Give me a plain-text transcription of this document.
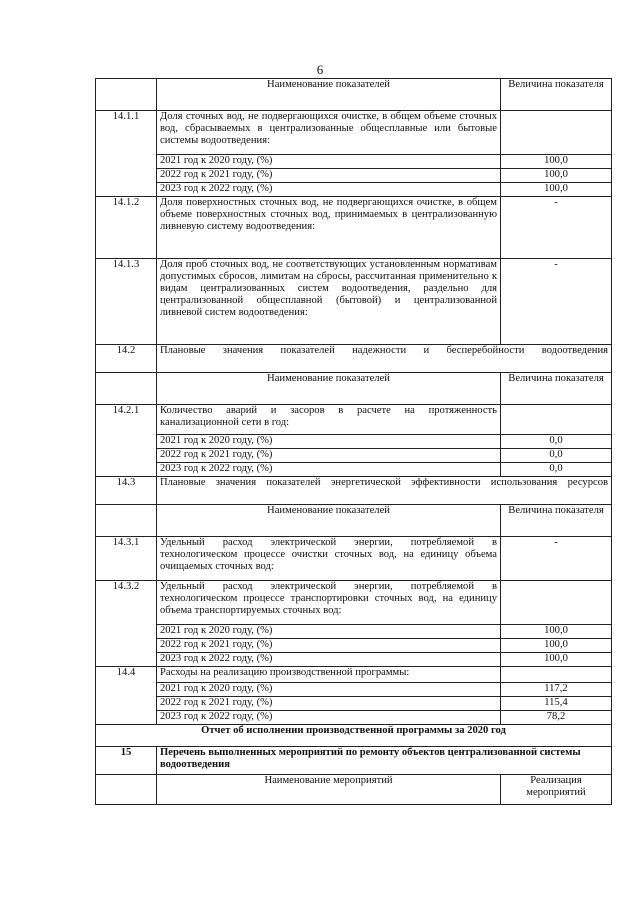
6
	Наименование показателей	Величина показателя
14.1.1	Доля сточных вод, не подвергающихся очистке, в общем объеме сточных вод, сбрасываемых в централизованные общесплавные или бытовые системы водоотведения:	
	2021 год к 2020 году, (%)	100,0
	2022 год к 2021 году, (%)	100,0
	2023 год к 2022 году, (%)	100,0
14.1.2	Доля поверхностных сточных вод, не подвергающихся очистке, в общем объеме поверхностных сточных вод, принимаемых в централизованную ливневую систему водоотведения:	-
14.1.3	Доля проб сточных вод, не соответствующих установленным нормативам допустимых сбросов, лимитам на сбросы, рассчитанная применительно к видам централизованных систем водоотведения, раздельно для централизованной общесплавной (бытовой) и централизованной ливневой систем водоотведения:	-
14.2	Плановые значения показателей надежности и бесперебойности водоотведения	
	Наименование показателей	Величина показателя
14.2.1	Количество аварий и засоров в расчете на протяженность канализационной сети в год:	
	2021 год к 2020 году, (%)	0,0
	2022 год к 2021 году, (%)	0,0
	2023 год к 2022 году, (%)	0,0
14.3	Плановые значения показателей энергетической эффективности использования ресурсов	
	Наименование показателей	Величина показателя
14.3.1	Удельный расход электрической энергии, потребляемой в технологическом процессе очистки сточных вод, на единицу объема очищаемых сточных вод:	-
14.3.2	Удельный расход электрической энергии, потребляемой в технологическом процессе транспортировки сточных вод, на единицу объема транспортируемых сточных вод:	
	2021 год к 2020 году, (%)	100,0
	2022 год к 2021 году, (%)	100,0
	2023 год к 2022 году, (%)	100,0
14.4	Расходы на реализацию производственной программы:	
	2021 год к 2020 году, (%)	117,2
	2022 год к 2021 году, (%)	115,4
	2023 год к 2022 году, (%)	78,2
Отчет об исполнении производственной программы за 2020 год		
15	Перечень выполненных мероприятий по ремонту объектов централизованной системы водоотведения	
	Наименование мероприятий	Реализация мероприятий
